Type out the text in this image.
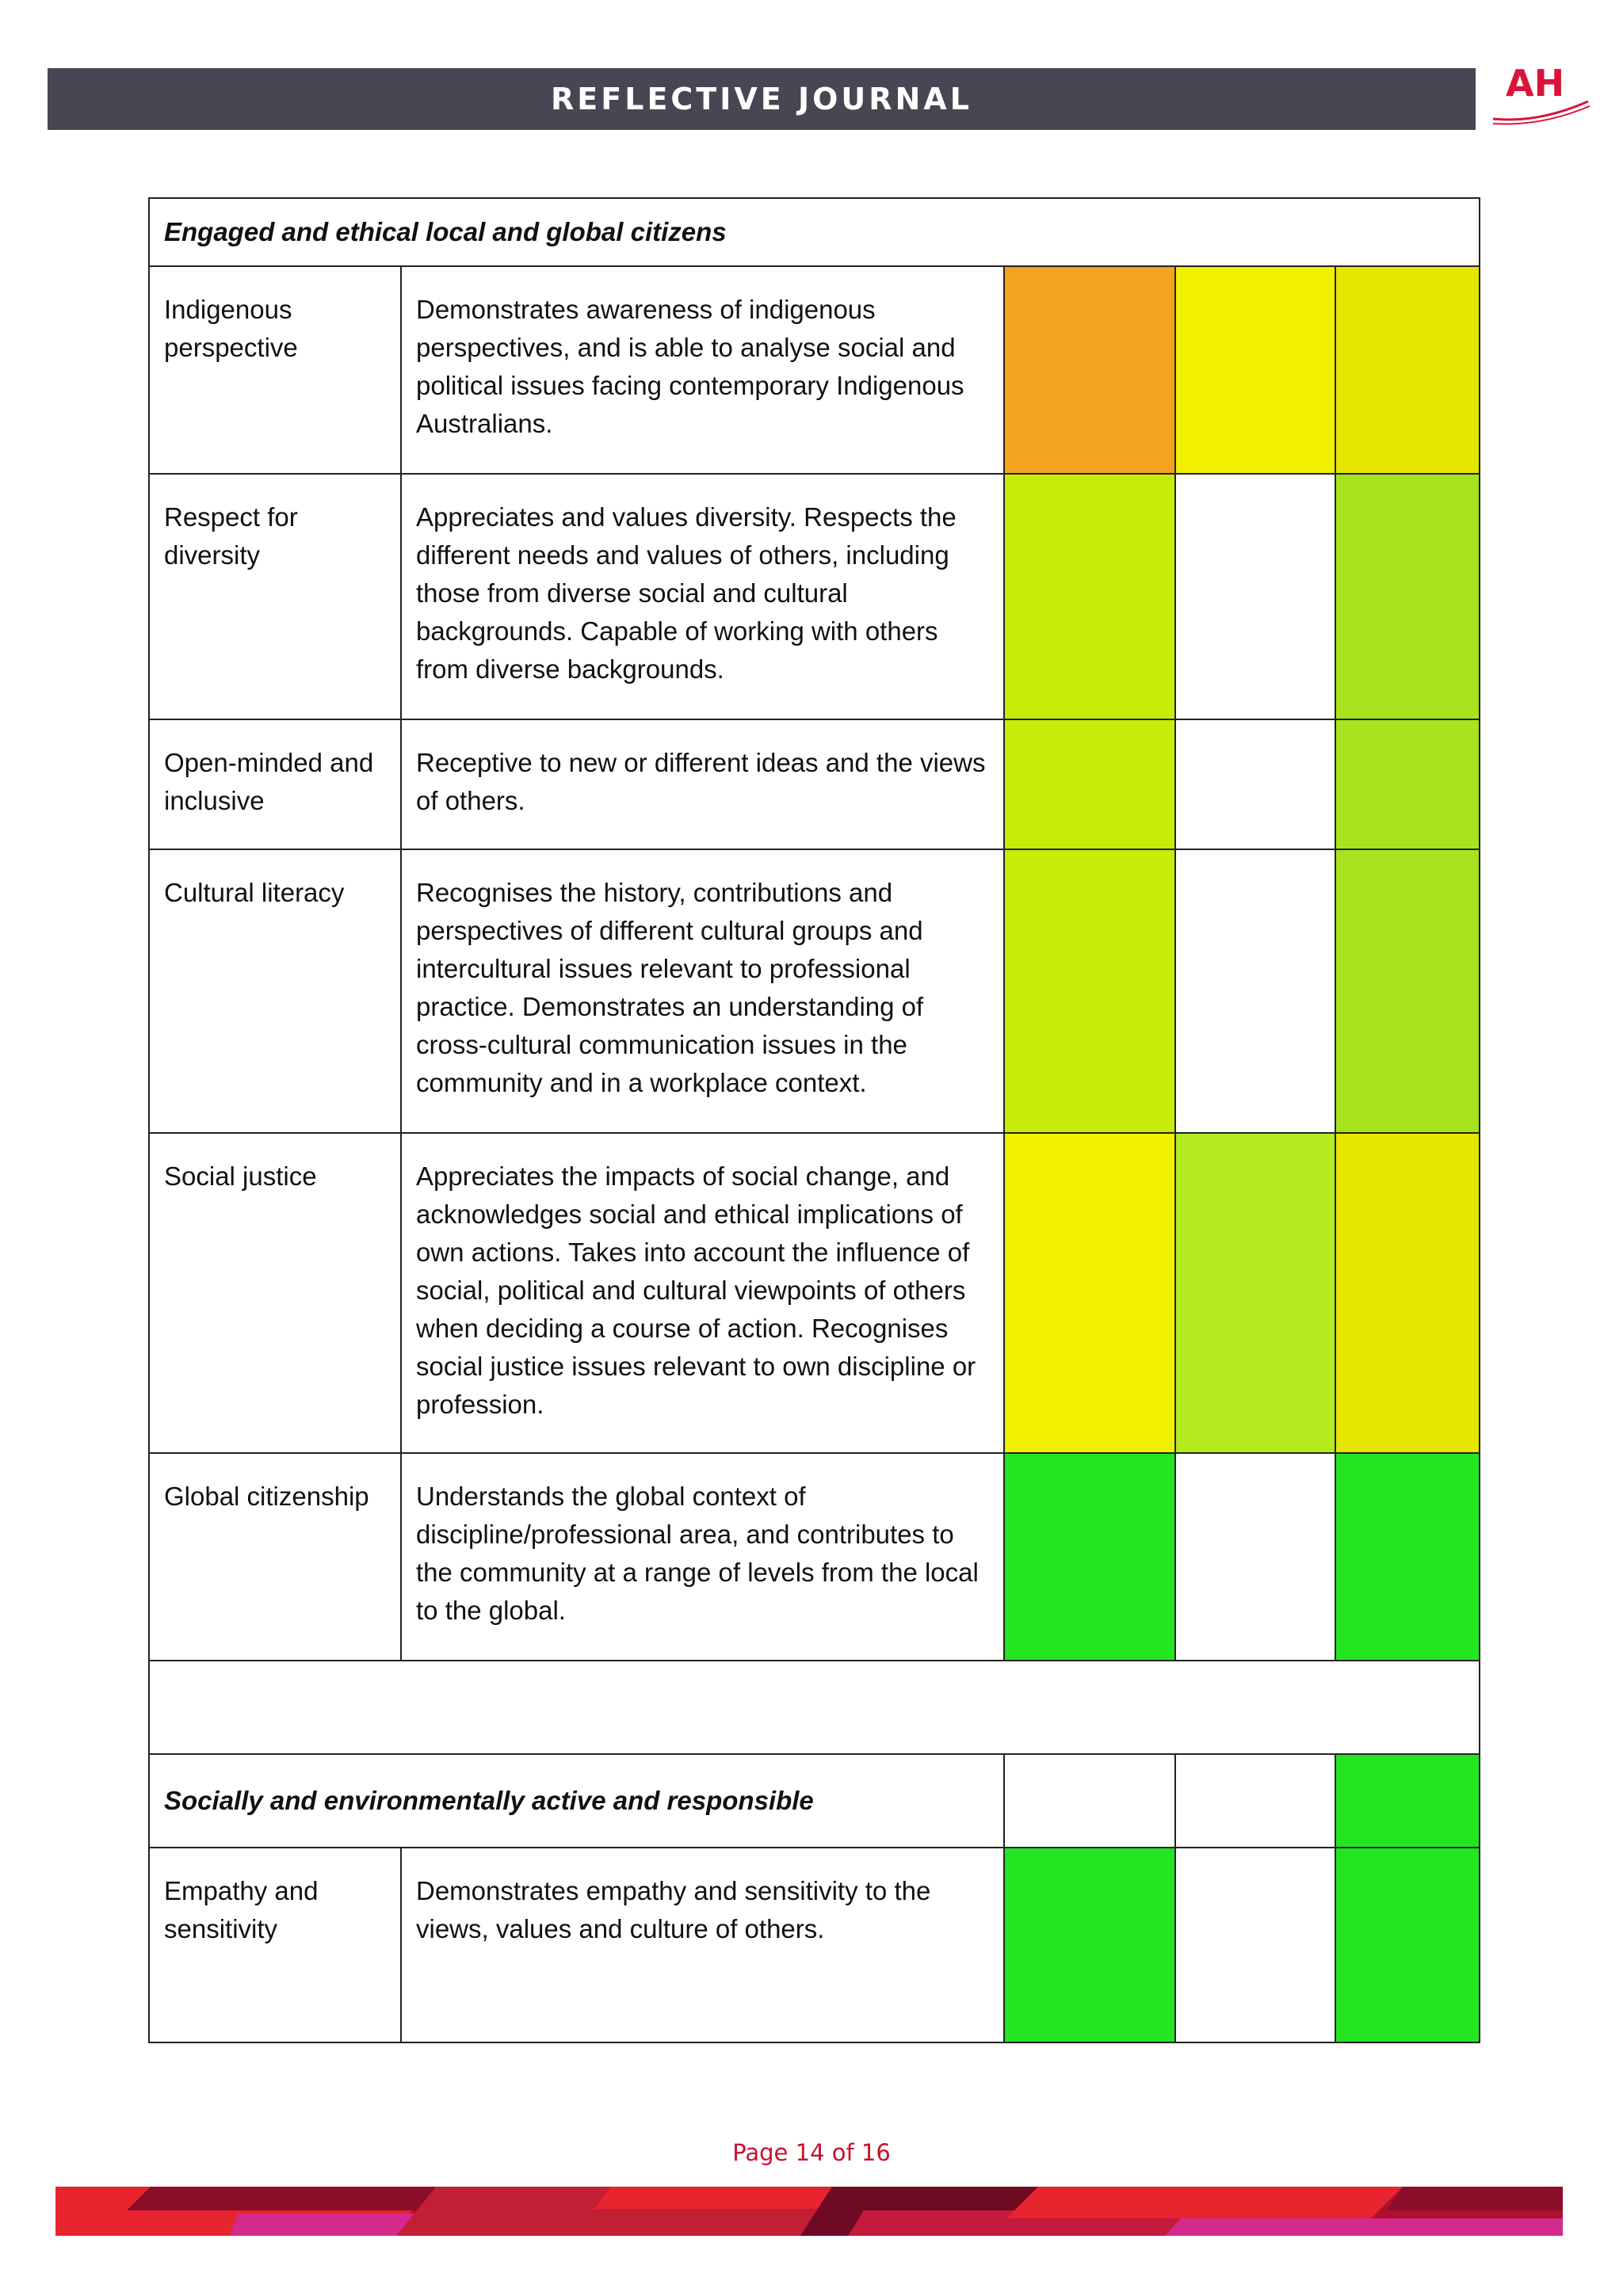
REFLECTIVE JOURNAL	AH
Engaged and ethical local and global citizens				

Indigenous perspective	Demonstrates awareness of indigenous perspectives, and is able to analyse social and political issues facing contemporary Indigenous Australians.			

Respect for diversity	Appreciates and values diversity. Respects the different needs and values of others, including those from diverse social and cultural backgrounds. Capable of working with others from diverse backgrounds.			

Open-minded and inclusive	Receptive to new or different ideas and the views of others.			

Cultural literacy	Recognises the history, contributions and perspectives of different cultural groups and intercultural issues relevant to professional practice. Demonstrates an understanding of cross-cultural communication issues in the community and in a workplace context.			

Social justice	Appreciates the impacts of social change, and acknowledges social and ethical implications of own actions. Takes into account the influence of social, political and cultural viewpoints of others when deciding a course of action. Recognises social justice issues relevant to own discipline or profession.			

Global citizenship	Understands the global context of discipline/professional area, and contributes to the community at a range of levels from the local to the global.			

Socially and environmentally active and responsible				

Empathy and sensitivity	Demonstrates empathy and sensitivity to the views, values and culture of others.			

Page 14 of 16
